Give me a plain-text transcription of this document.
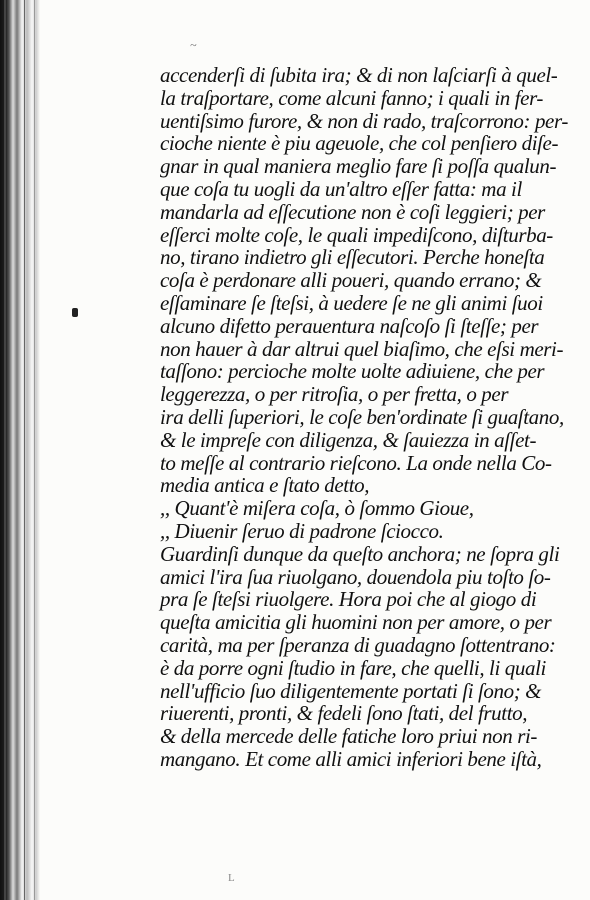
~
accenderſi di ſubita ira; & di non laſciarſi à quel-
la traſportare, come alcuni fanno; i quali in fer-
uentiſsimo furore, & non di rado, traſcorrono: per-
cioche niente è piu ageuole, che col penſiero diſe-
gnar in qual maniera meglio fare ſi poſſa qualun-
que coſa tu uogli da un'altro eſſer fatta: ma il
mandarla ad eſſecutione non è coſi leggieri; per
eſſerci molte coſe, le quali impediſcono, diſturba-
no, tirano indietro gli eſſecutori. Perche honeſta
coſa è perdonare alli poueri, quando errano; &
eſſaminare ſe ſteſsi, à uedere ſe ne gli animi ſuoi
alcuno difetto perauentura naſcoſo ſi ſteſſe; per
non hauer à dar altrui quel biaſimo, che eſsi meri-
taſſono: percioche molte uolte adiuiene, che per
leggerezza, o per ritroſia, o per fretta, o per
ira delli ſuperiori, le coſe ben'ordinate ſi guaſtano,
& le impreſe con diligenza, & ſauiezza in aſſet-
to meſſe al contrario rieſcono. La onde nella Co-
media antica e ſtato detto,
,, Quant'è miſera coſa, ò ſommo Gioue,
,, Diuenir ſeruo di padrone ſciocco.
Guardinſi dunque da queſto anchora; ne ſopra gli
amici l'ira ſua riuolgano, douendola piu toſto ſo-
pra ſe ſteſsi riuolgere. Hora poi che al giogo di
queſta amicitia gli huomini non per amore, o per
carità, ma per ſperanza di guadagno ſottentrano:
è da porre ogni ſtudio in fare, che quelli, li quali
nell'ufficio ſuo diligentemente portati ſi ſono; &
riuerenti, pronti, & fedeli ſono ſtati, del frutto,
& della mercede delle fatiche loro priui non ri-
mangano. Et come alli amici inferiori bene iſtà,
L
